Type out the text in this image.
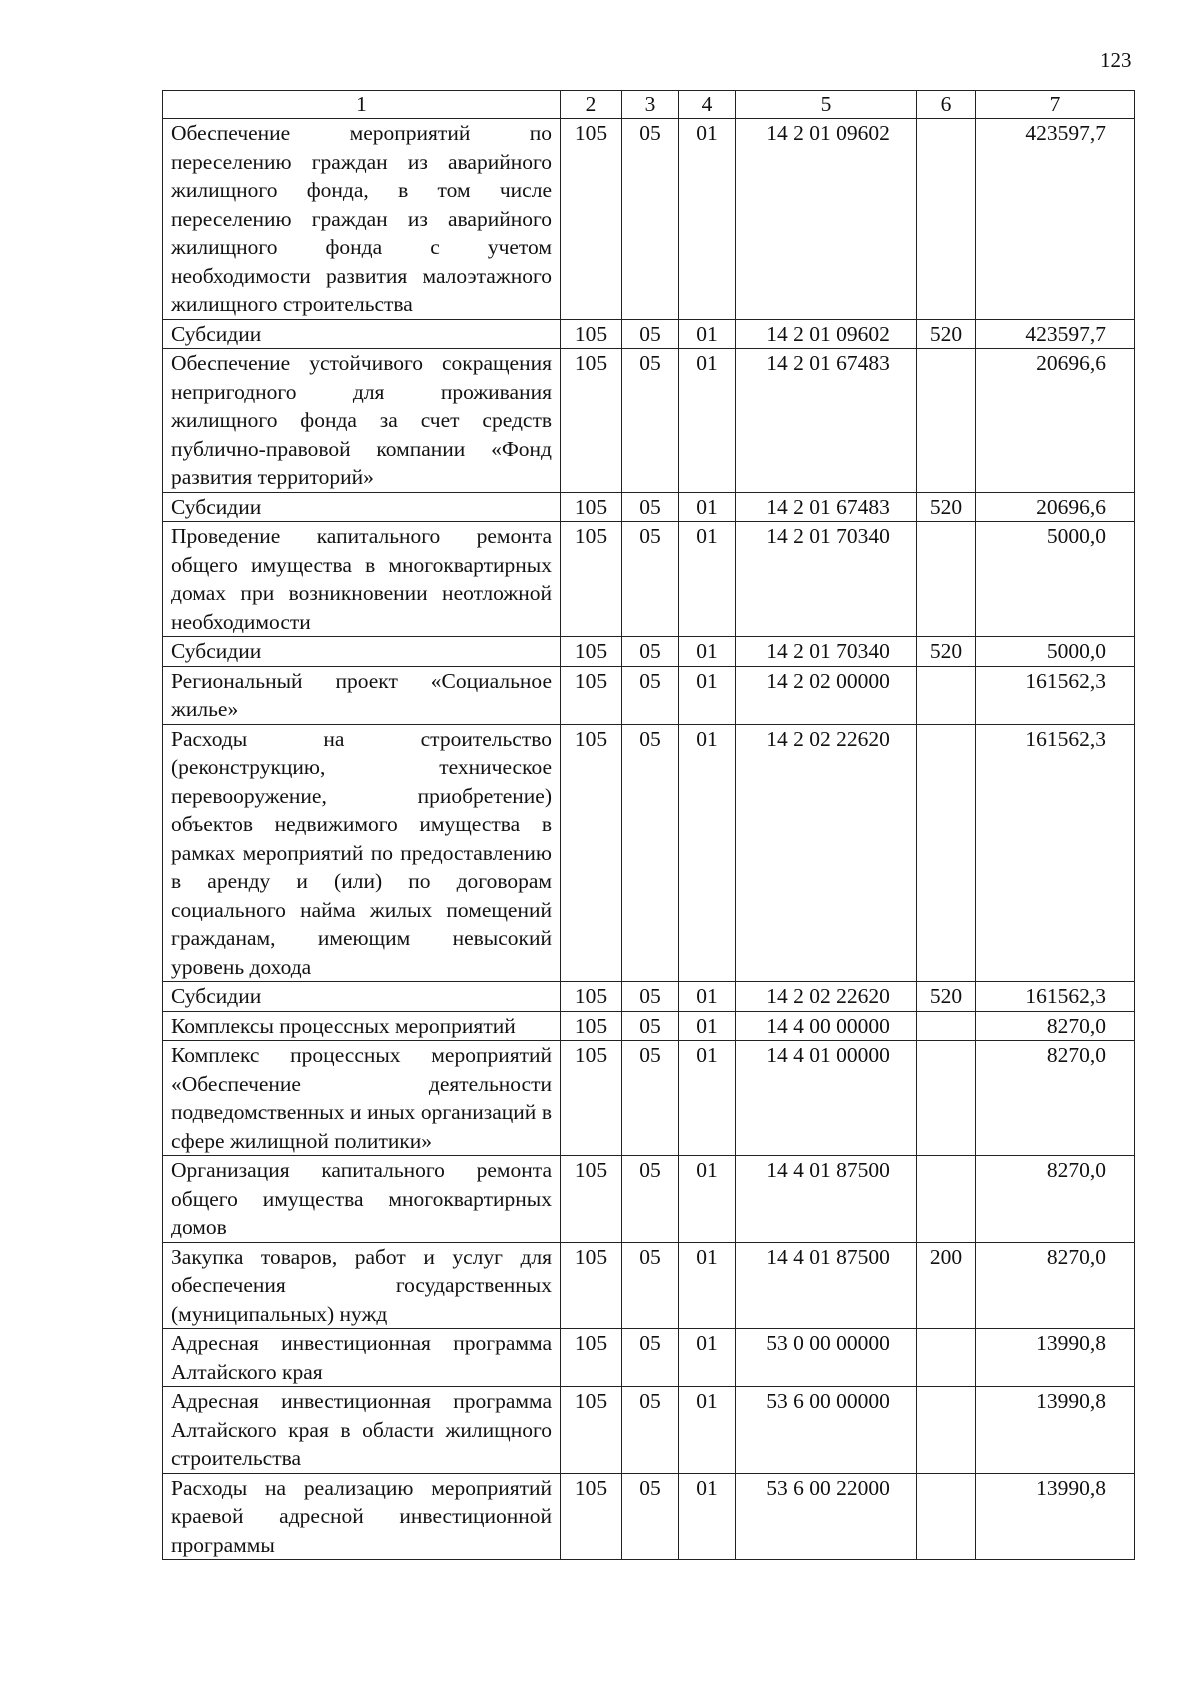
123
1	2	3	4	5	6	7
Обеспечение мероприятий по переселению граждан из аварийного жилищного фонда, в том числе переселению граждан из аварийного жилищного фонда с учетом необходимости развития малоэтажного жилищного строительства	105	05	01	14 2 01 09602		423597,7
Субсидии	105	05	01	14 2 01 09602	520	423597,7
Обеспечение устойчивого сокращения непригодного для проживания жилищного фонда за счет средств публично-правовой компании «Фонд развития территорий»	105	05	01	14 2 01 67483		20696,6
Субсидии	105	05	01	14 2 01 67483	520	20696,6
Проведение капитального ремонта общего имущества в многоквартирных домах при возникновении неотложной необходимости	105	05	01	14 2 01 70340		5000,0
Субсидии	105	05	01	14 2 01 70340	520	5000,0
Региональный проект «Социальное жилье»	105	05	01	14 2 02 00000		161562,3
Расходы на строительство (реконструкцию, техническое перевооружение, приобретение) объектов недвижимого имущества в рамках мероприятий по предоставлению в аренду и (или) по договорам социального найма жилых помещений гражданам, имеющим невысокий уровень дохода	105	05	01	14 2 02 22620		161562,3
Субсидии	105	05	01	14 2 02 22620	520	161562,3
Комплексы процессных мероприятий	105	05	01	14 4 00 00000		8270,0
Комплекс процессных мероприятий «Обеспечение деятельности подведомственных и иных организаций в сфере жилищной политики»	105	05	01	14 4 01 00000		8270,0
Организация капитального ремонта общего имущества многоквартирных домов	105	05	01	14 4 01 87500		8270,0
Закупка товаров, работ и услуг для обеспечения государственных (муниципальных) нужд	105	05	01	14 4 01 87500	200	8270,0
Адресная инвестиционная программа Алтайского края	105	05	01	53 0 00 00000		13990,8
Адресная инвестиционная программа Алтайского края в области жилищного строительства	105	05	01	53 6 00 00000		13990,8
Расходы на реализацию мероприятий краевой адресной инвестиционной программы	105	05	01	53 6 00 22000		13990,8
